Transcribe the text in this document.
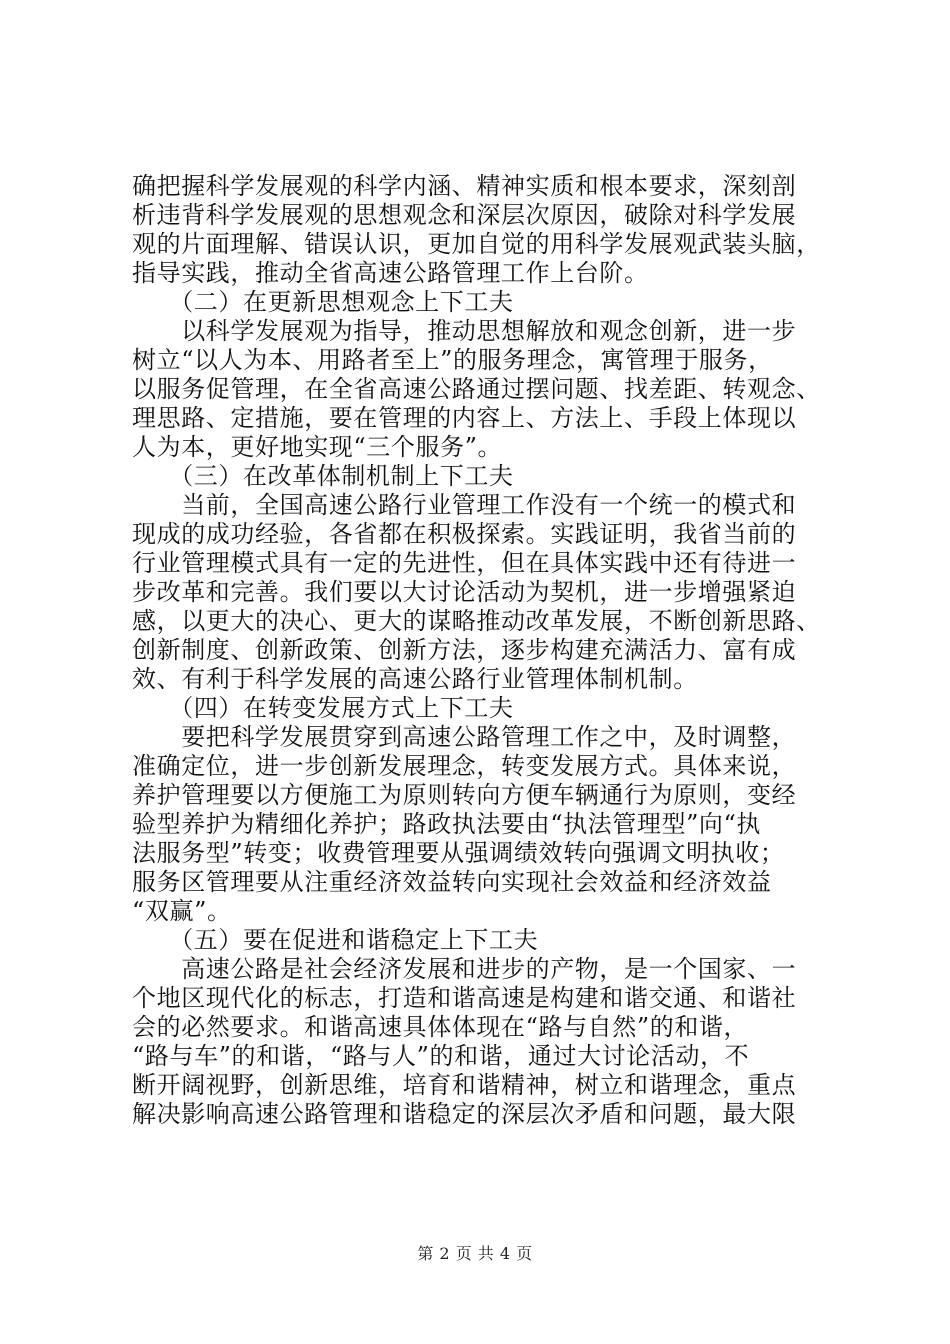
确把握科学发展观的科学内涵、精神实质和根本要求，深刻剖
析违背科学发展观的思想观念和深层次原因，破除对科学发展
观的片面理解、错误认识，更加自觉的用科学发展观武装头脑，
指导实践，推动全省高速公路管理工作上台阶。
　　（二）在更新思想观念上下工夫
　　以科学发展观为指导，推动思想解放和观念创新，进一步
树立“以人为本、用路者至上”的服务理念，寓管理于服务，
以服务促管理，在全省高速公路通过摆问题、找差距、转观念、
理思路、定措施，要在管理的内容上、方法上、手段上体现以
人为本，更好地实现“三个服务”。
　　（三）在改革体制机制上下工夫
　　当前，全国高速公路行业管理工作没有一个统一的模式和
现成的成功经验，各省都在积极探索。实践证明，我省当前的
行业管理模式具有一定的先进性，但在具体实践中还有待进一
步改革和完善。我们要以大讨论活动为契机，进一步增强紧迫
感，以更大的决心、更大的谋略推动改革发展，不断创新思路、
创新制度、创新政策、创新方法，逐步构建充满活力、富有成
效、有利于科学发展的高速公路行业管理体制机制。
　　（四）在转变发展方式上下工夫
　　要把科学发展贯穿到高速公路管理工作之中，及时调整，
准确定位，进一步创新发展理念，转变发展方式。具体来说，
养护管理要以方便施工为原则转向方便车辆通行为原则，变经
验型养护为精细化养护；路政执法要由“执法管理型”向“执
法服务型”转变；收费管理要从强调绩效转向强调文明执收；
服务区管理要从注重经济效益转向实现社会效益和经济效益
“双赢”。
　　（五）要在促进和谐稳定上下工夫
　　高速公路是社会经济发展和进步的产物，是一个国家、一
个地区现代化的标志，打造和谐高速是构建和谐交通、和谐社
会的必然要求。和谐高速具体体现在“路与自然”的和谐，
“路与车”的和谐，“路与人”的和谐，通过大讨论活动，不
断开阔视野，创新思维，培育和谐精神，树立和谐理念，重点
解决影响高速公路管理和谐稳定的深层次矛盾和问题，最大限
第 2 页 共 4 页
